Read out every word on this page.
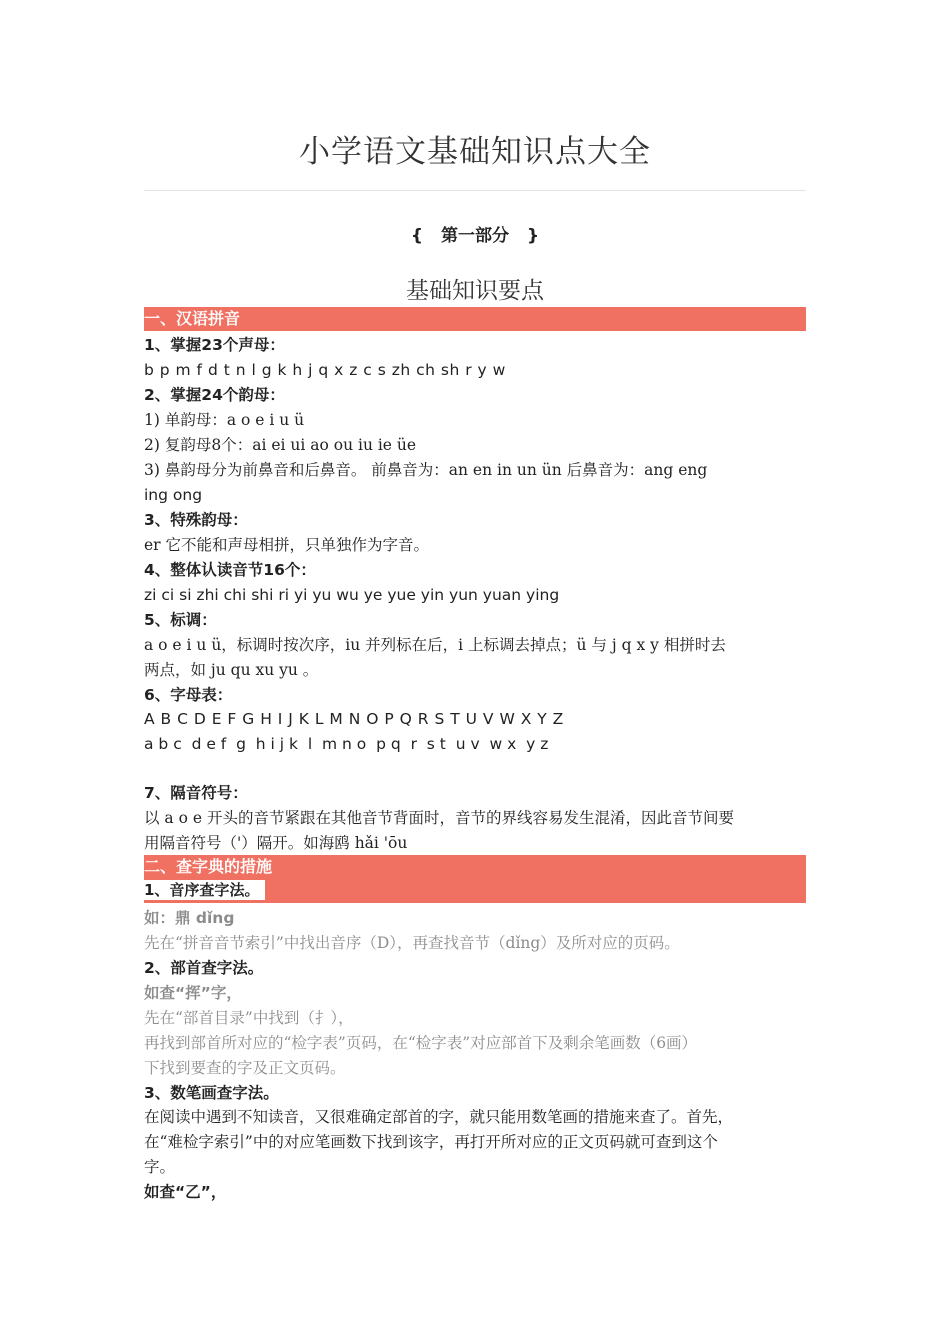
小学语文基础知识点大全
{ 第一部分 }
基础知识要点
一、汉语拼音
1、掌握23个声母：
b p m f d t n l g k h j q x z c s zh ch sh r y w
2、掌握24个韵母：
1) 单韵母：a o e i u ü
2) 复韵母8个：ai ei ui ao ou iu ie üe
3) 鼻韵母分为前鼻音和后鼻音。 前鼻音为：an en in un ün 后鼻音为：ang eng
ing ong
3、特殊韵母：
er 它不能和声母相拼，只单独作为字音。
4、整体认读音节16个：
zi ci si zhi chi shi ri yi yu wu ye yue yin yun yuan ying
5、标调：
a o e i u ü，标调时按次序，iu 并列标在后，i 上标调去掉点；ü 与 j q x y 相拼时去
两点，如 ju qu xu yu 。
6、字母表：
A B C D E F G H I J K L M N O P Q R S T U V W X Y Z
a b c  d e f  g  h i j k  l  m n o  p q  r  s t  u v  w x  y z
7、隔音符号：
以 a o e 开头的音节紧跟在其他音节背面时，音节的界线容易发生混淆，因此音节间要
用隔音符号（'）隔开。如海鸥 hǎi 'ōu
二、查字典的措施
1、音序查字法。
如：鼎 dǐng
先在“拼音音节索引”中找出音序（D），再查找音节（dǐng）及所对应的页码。
2、部首查字法。
如查“挥”字，
先在“部首目录”中找到（扌），
再找到部首所对应的“检字表”页码，在“检字表”对应部首下及剩余笔画数（6画）
下找到要查的字及正文页码。
3、数笔画查字法。
在阅读中遇到不知读音，又很难确定部首的字，就只能用数笔画的措施来查了。首先，
在“难检字索引”中的对应笔画数下找到该字，再打开所对应的正文页码就可查到这个
字。
如查“乙”，
